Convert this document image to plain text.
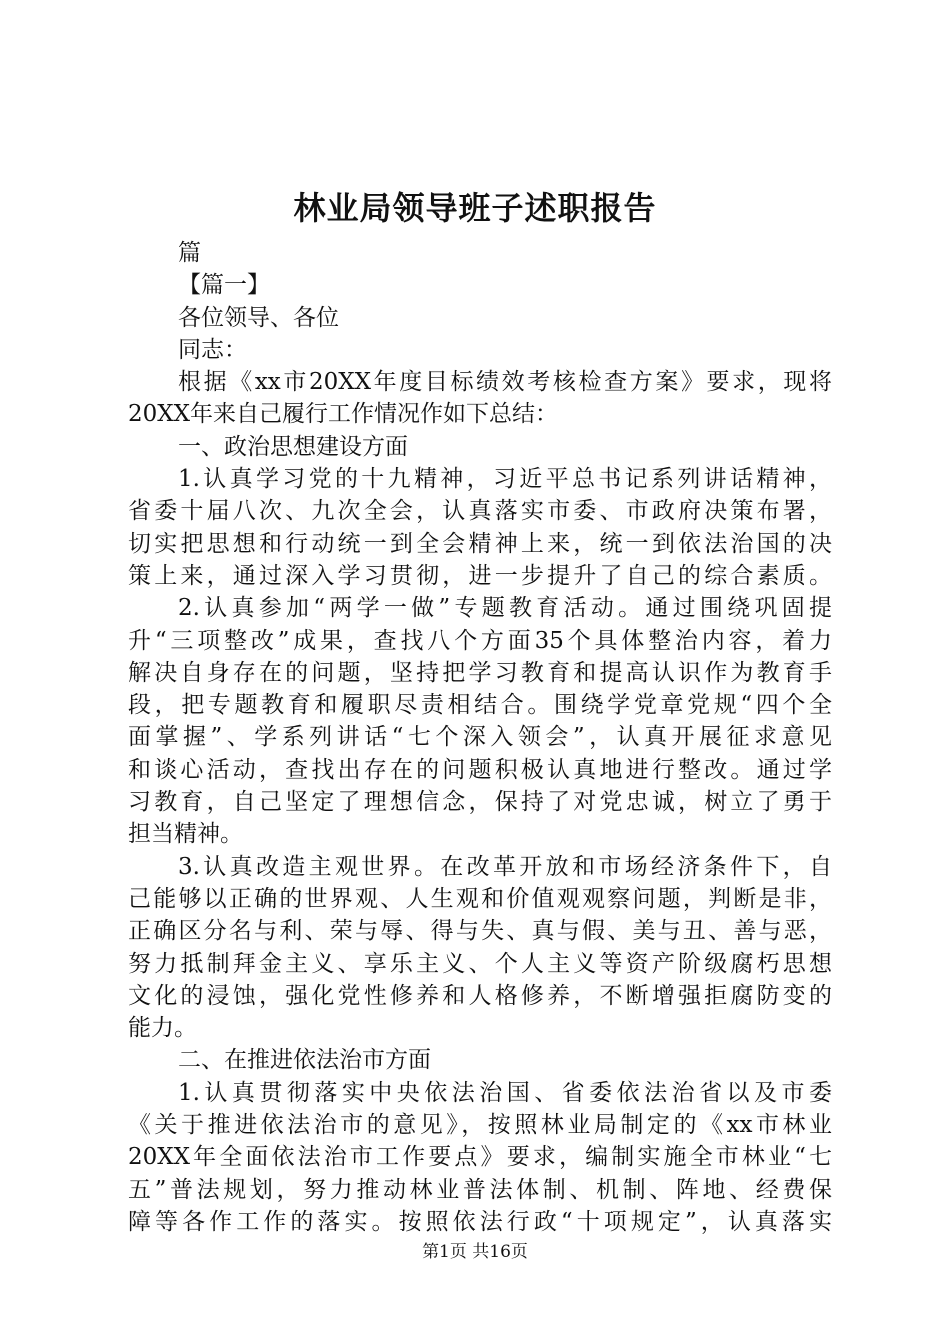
林业局领导班子述职报告
篇
【篇一】
各位领导、各位
同志：
根据《xx市20XX年度目标绩效考核检查方案》要求，现将
20XX年来自己履行工作情况作如下总结：
一、政治思想建设方面
1.认真学习党的十九精神，习近平总书记系列讲话精神，
省委十届八次、九次全会，认真落实市委、市政府决策布署，
切实把思想和行动统一到全会精神上来，统一到依法治国的决
策上来，通过深入学习贯彻，进一步提升了自己的综合素质。
2.认真参加“两学一做”专题教育活动。通过围绕巩固提
升“三项整改”成果，查找八个方面35个具体整治内容，着力
解决自身存在的问题，坚持把学习教育和提高认识作为教育手
段，把专题教育和履职尽责相结合。围绕学党章党规“四个全
面掌握”、学系列讲话“七个深入领会”，认真开展征求意见
和谈心活动，查找出存在的问题积极认真地进行整改。通过学
习教育，自己坚定了理想信念，保持了对党忠诚，树立了勇于
担当精神。
3.认真改造主观世界。在改革开放和市场经济条件下，自
己能够以正确的世界观、人生观和价值观观察问题，判断是非，
正确区分名与利、荣与辱、得与失、真与假、美与丑、善与恶，
努力抵制拜金主义、享乐主义、个人主义等资产阶级腐朽思想
文化的浸蚀，强化党性修养和人格修养，不断增强拒腐防变的
能力。
二、在推进依法治市方面
1.认真贯彻落实中央依法治国、省委依法治省以及市委
《关于推进依法治市的意见》，按照林业局制定的《xx市林业
20XX年全面依法治市工作要点》要求，编制实施全市林业“七
五”普法规划，努力推动林业普法体制、机制、阵地、经费保
障等各作工作的落实。按照依法行政“十项规定”，认真落实
第1页 共16页
